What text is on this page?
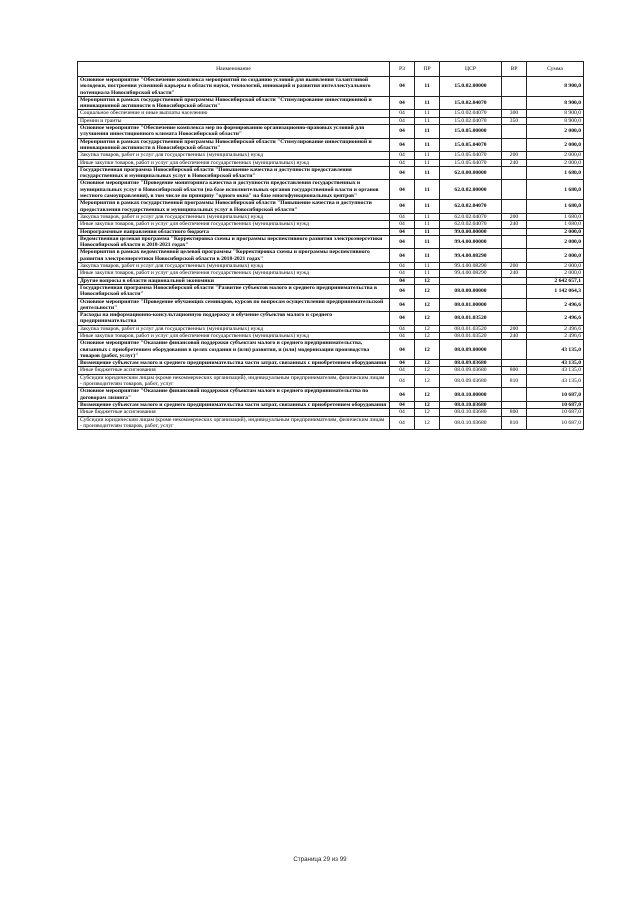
Наименование	РЗ	ПР	ЦСР	ВР	Сумма
Основное мероприятие "Обеспечение комплекса мероприятий по созданию условий для выявления талантливой молодежи, построения успешной карьеры в области науки, технологий, инноваций и развития интеллектуального потенциала Новосибирской области"	04	11	15.0.02.00000		8 900,0
Мероприятия в рамках государственной программы Новосибирской области "Стимулирование инвестиционной и инновационной активности в Новосибирской области"	04	11	15.0.02.04070		8 900,0
Социальное обеспечение и иные выплаты населению	04	11	15.0.02.04070	300	8 900,0
Премии и гранты	04	11	15.0.02.04070	350	8 900,0
Основное мероприятие "Обеспечение комплекса мер по формированию организационно-правовых условий для улучшения инвестиционного климата Новосибирской области"	04	11	15.0.05.00000		2 000,0
Мероприятия в рамках государственной программы Новосибирской области "Стимулирование инвестиционной и инновационной активности в Новосибирской области"	04	11	15.0.05.04070		2 000,0
Закупка товаров, работ и услуг для государственных (муниципальных) нужд	04	11	15.0.05.04070	200	2 000,0
Иные закупки товаров, работ и услуг для обеспечения государственных (муниципальных) нужд	04	11	15.0.05.04070	240	2 000,0
Государственная программа Новосибирской области "Повышение качества и доступности предоставления государственных и муниципальных услуг в Новосибирской области"	04	11	62.0.00.00000		1 680,0
Основное мероприятие "Проведение мониторинга качества и доступности предоставления государственных и муниципальных услуг в Новосибирской области (на базе исполнительных органов государственной власти и органов местного самоуправления), в том числе по принципу "одного окна" на базе многофункциональных центров"	04	11	62.0.02.00000		1 680,0
Мероприятия в рамках государственной программы Новосибирской области "Повышение качества и доступности предоставления государственных и муниципальных услуг в Новосибирской области"	04	11	62.0.02.04070		1 680,0
Закупка товаров, работ и услуг для государственных (муниципальных) нужд	04	11	62.0.02.04070	200	1 680,0
Иные закупки товаров, работ и услуг для обеспечения государственных (муниципальных) нужд	04	11	62.0.02.04070	240	1 680,0
Непрограммные направления областного бюджета	04	11	99.0.00.00000		2 000,0
Ведомственная целевая программа "Корректировка схемы и программы перспективного развития электроэнергетики Новосибирской области в 2018-2021 годах"	04	11	99.4.00.00000		2 000,0
Мероприятия в рамках ведомственной целевой программы "Корректировка схемы и программы перспективного развития электроэнергетики Новосибирской области в 2018-2021 годах"	04	11	99.4.00.08290		2 000,0
Закупка товаров, работ и услуг для государственных (муниципальных) нужд	04	11	99.4.00.08290	200	2 000,0
Иные закупки товаров, работ и услуг для обеспечения государственных (муниципальных) нужд	04	11	99.4.00.08290	240	2 000,0
Другие вопросы в области национальной экономики	04	12			2 642 657,1
Государственная программа Новосибирской области "Развитие субъектов малого и среднего предпринимательства в Новосибирской области"	04	12	08.0.00.00000		1 142 064,3
Основное мероприятие "Проведение обучающих семинаров, курсов по вопросам осуществления предпринимательской деятельности"	04	12	08.0.01.00000		2 496,6
Расходы на информационно-консультационную поддержку и обучение субъектов малого и среднего предпринимательства	04	12	08.0.01.03520		2 496,6
Закупка товаров, работ и услуг для государственных (муниципальных) нужд	04	12	08.0.01.03520	200	2 496,6
Иные закупки товаров, работ и услуг для обеспечения государственных (муниципальных) нужд	04	12	08.0.01.03520	240	2 496,6
Основное мероприятие "Оказание финансовой поддержки субъектам малого и среднего предпринимательства, связанных с приобретением оборудования в целях создания и (или) развития, и (или) модернизации производства товаров (работ, услуг)"	04	12	08.0.09.00000		43 135,0
Возмещение субъектам малого и среднего предпринимательства части затрат, связанных с приобретением оборудования	04	12	08.0.09.03680		43 135,0
Иные бюджетные ассигнования	04	12	08.0.09.03680	800	43 135,0
Субсидии юридическим лицам (кроме некоммерческих организаций), индивидуальным предпринимателям, физическим лицам - производителям товаров, работ, услуг	04	12	08.0.09.03680	810	43 135,0
Основное мероприятие "Оказание финансовой поддержки субъектам малого и среднего предпринимательства по договорам лизинга"	04	12	08.0.10.00000		10 687,0
Возмещение субъектам малого и среднего предпринимательства части затрат, связанных с приобретением оборудования	04	12	08.0.10.03680		10 687,0
Иные бюджетные ассигнования	04	12	08.0.10.03680	800	10 687,0
Субсидии юридическим лицам (кроме некоммерческих организаций), индивидуальным предпринимателям, физическим лицам - производителям товаров, работ, услуг	04	12	08.0.10.03680	810	10 687,0
Страница 29 из 99
